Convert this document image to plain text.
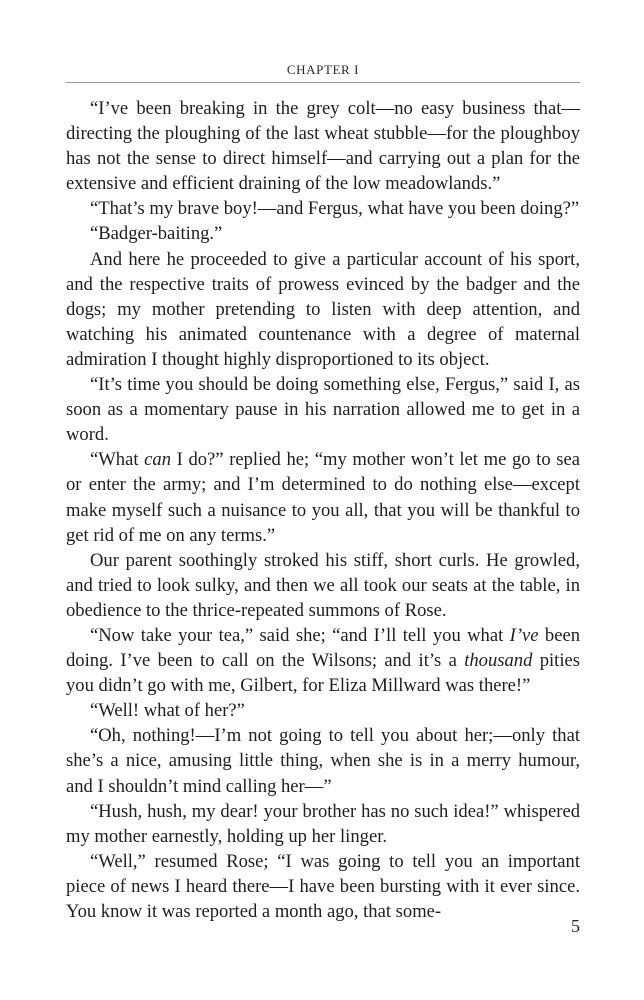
CHAPTER I

“I’ve been breaking in the grey colt—no easy business that—directing the ploughing of the last wheat stubble—for the ploughboy has not the sense to direct himself—and carrying out a plan for the extensive and efficient draining of the low meadowlands.”

“That’s my brave boy!—and Fergus, what have you been doing?”

“Badger-baiting.”

And here he proceeded to give a particular account of his sport, and the respective traits of prowess evinced by the badger and the dogs; my mother pretending to listen with deep attention, and watching his animated countenance with a degree of maternal admiration I thought highly disproportioned to its object.

“It’s time you should be doing something else, Fergus,” said I, as soon as a momentary pause in his narration allowed me to get in a word.

“What can I do?” replied he; “my mother won’t let me go to sea or enter the army; and I’m determined to do nothing else—except make myself such a nuisance to you all, that you will be thankful to get rid of me on any terms.”

Our parent soothingly stroked his stiff, short curls. He growled, and tried to look sulky, and then we all took our seats at the table, in obedience to the thrice-repeated summons of Rose.

“Now take your tea,” said she; “and I’ll tell you what I’ve been doing. I’ve been to call on the Wilsons; and it’s a thousand pities you didn’t go with me, Gilbert, for Eliza Millward was there!”

“Well! what of her?”

“Oh, nothing!—I’m not going to tell you about her;—only that she’s a nice, amusing little thing, when she is in a merry humour, and I shouldn’t mind calling her—”

“Hush, hush, my dear! your brother has no such idea!” whispered my mother earnestly, holding up her linger.

“Well,” resumed Rose; “I was going to tell you an important piece of news I heard there—I have been bursting with it ever since. You know it was reported a month ago, that some-

5
